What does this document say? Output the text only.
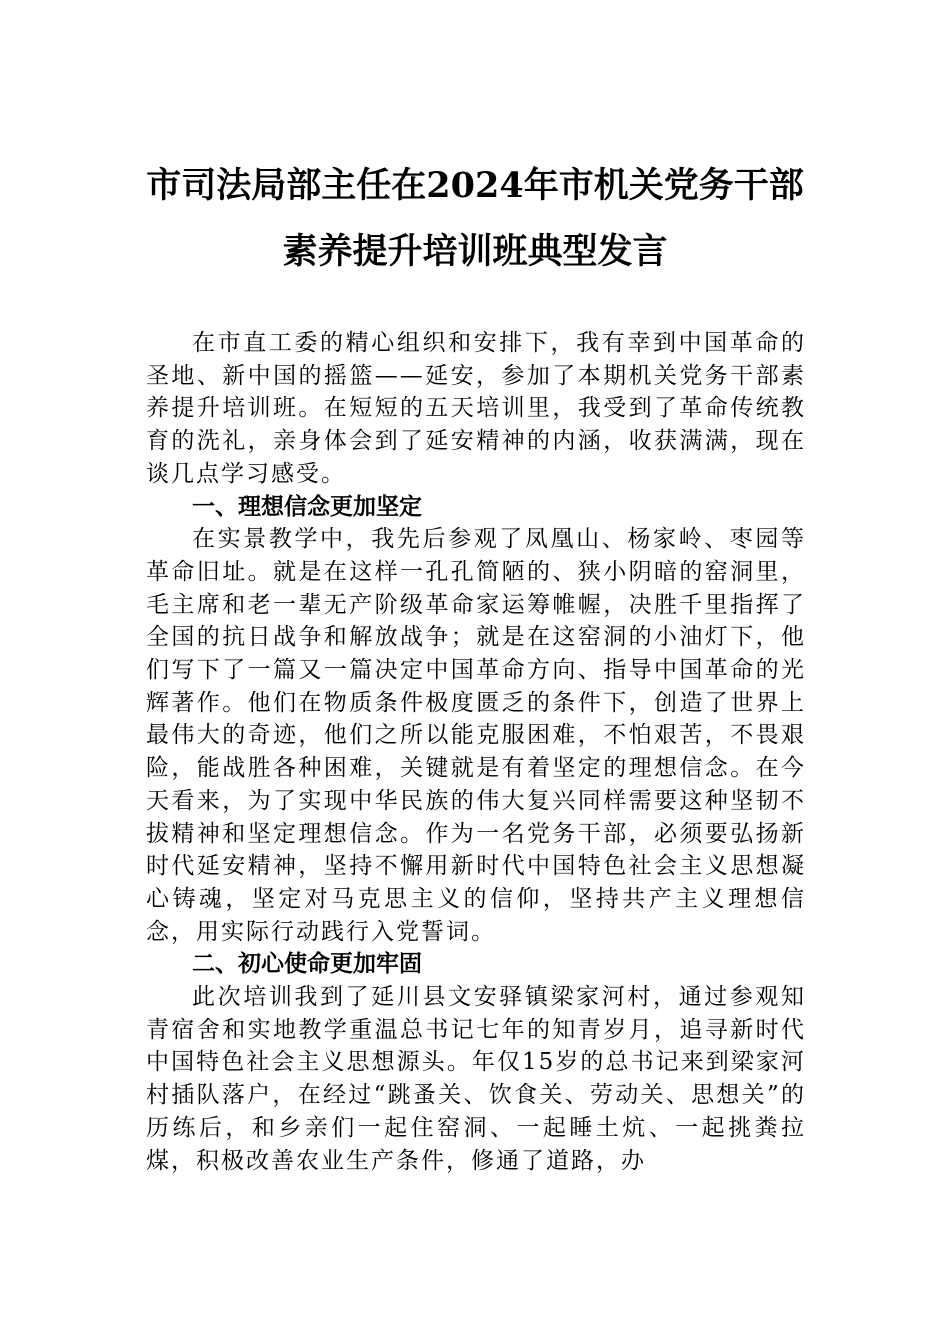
市司法局部主任在2024年市机关党务干部
素养提升培训班典型发言

在市直工委的精心组织和安排下，我有幸到中国革命的圣地、新中国的摇篮——延安，参加了本期机关党务干部素养提升培训班。在短短的五天培训里，我受到了革命传统教育的洗礼，亲身体会到了延安精神的内涵，收获满满，现在谈几点学习感受。

一、理想信念更加坚定

在实景教学中，我先后参观了凤凰山、杨家岭、枣园等革命旧址。就是在这样一孔孔简陋的、狭小阴暗的窑洞里，毛主席和老一辈无产阶级革命家运筹帷幄，决胜千里指挥了全国的抗日战争和解放战争；就是在这窑洞的小油灯下，他们写下了一篇又一篇决定中国革命方向、指导中国革命的光辉著作。他们在物质条件极度匮乏的条件下，创造了世界上最伟大的奇迹，他们之所以能克服困难，不怕艰苦，不畏艰险，能战胜各种困难，关键就是有着坚定的理想信念。在今天看来，为了实现中华民族的伟大复兴同样需要这种坚韧不拔精神和坚定理想信念。作为一名党务干部，必须要弘扬新时代延安精神，坚持不懈用新时代中国特色社会主义思想凝心铸魂，坚定对马克思主义的信仰，坚持共产主义理想信念，用实际行动践行入党誓词。

二、初心使命更加牢固

此次培训我到了延川县文安驿镇梁家河村，通过参观知青宿舍和实地教学重温总书记七年的知青岁月，追寻新时代中国特色社会主义思想源头。年仅15岁的总书记来到梁家河村插队落户，在经过“跳蚤关、饮食关、劳动关、思想关”的历练后，和乡亲们一起住窑洞、一起睡土炕、一起挑粪拉煤，积极改善农业生产条件，修通了道路，办
